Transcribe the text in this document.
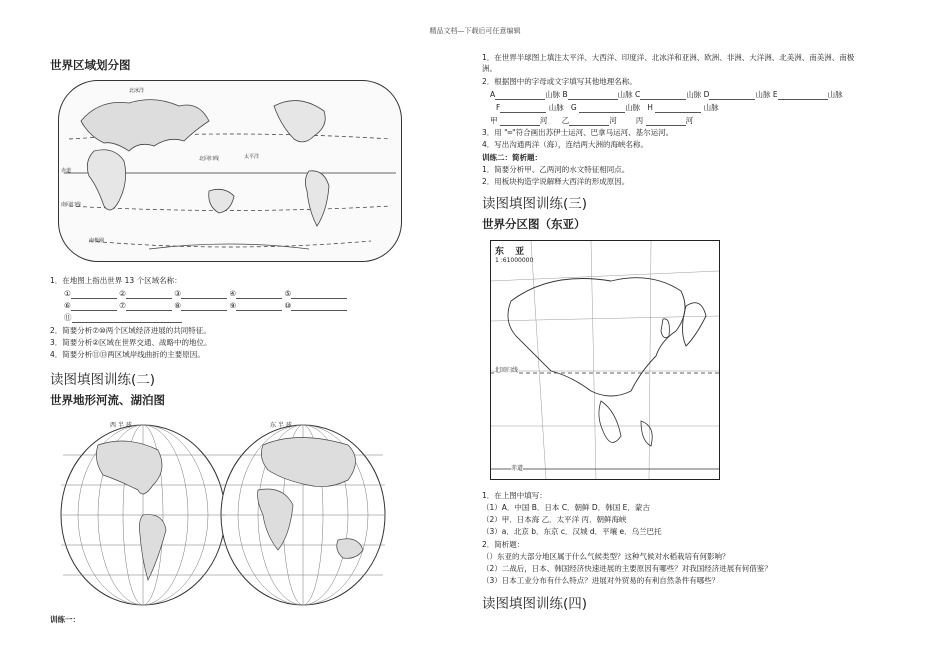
精品文档—下载后可任意编辑
世界区域划分图
北冰洋
太平洋
北回归线
南回归线
赤道
南极圈
1．在地图上指出世界 13 个区域名称：
①	②	③	④	⑤
⑥	⑦	⑧	⑨	⑩
⑪
2．简要分析⑦⑩两个区域经济进展的共同特征。
3．简要分析②区域在世界交通、战略中的地位。
4．简要分析⑪⑬两区域岸线曲折的主要原因。
读图填图训练(二)
世界地形河流、湖泊图
西 半 球	东 半 球
训练一：
1．在世界半球图上填注太平洋、大西洋、印度洋、北冰洋和亚洲、欧洲、非洲、大洋洲、北美洲、南美洲、南极
洲。
2．根据图中的字母或文字填写其他地理名称。
A	山脉 B	山脉 C	山脉 D	山脉 E	山脉
F	山脉 G	山脉 H	山脉
甲	河 乙	河	丙	河
3．用 "═"符合画出苏伊士运河、巴拿马运河、基尔运河。
4．写出沟通两洋（海），连结两大洲的海峡名称。
训练二：简析题：
1．简要分析甲、乙两河的水文特征相同点。
2．用板块构造学说解释大西洋的形成原因。
读图填图训练(三)
世界分区图（东亚）
东 亚
1 :61000000
北回归线
赤道
1．在上图中填写：
（1）A．中国 B．日本 C．朝鲜 D．韩国 E．蒙古
（2）甲．日本海 乙．太平洋 丙．朝鲜海峡
（3）a．北京 b．东京 c．汉城 d．平壤 e．乌兰巴托
2．简析题：
（）东亚的大部分地区属于什么气候类型？这种气候对水稻栽培有何影响？
（2）二战后，日本、韩国经济快速进展的主要原因有哪些？对我国经济进展有何借鉴？
（3）日本工业分布有什么特点？进展对外贸易的有利自然条件有哪些？
读图填图训练(四)
